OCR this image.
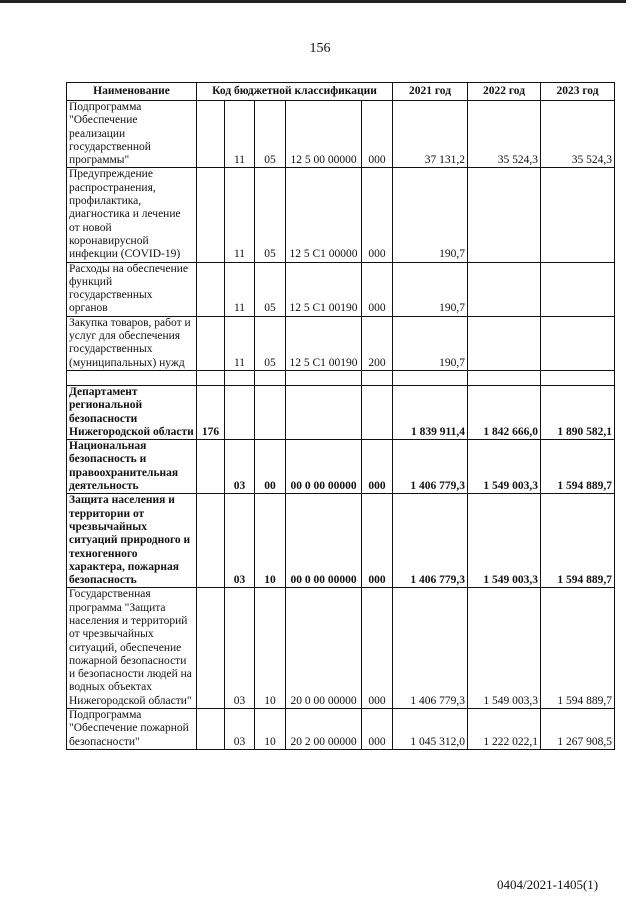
156
Наименование	Код бюджетной классификации					2021 год	2022 год	2023 год
Подпрограмма "Обеспечение реализации государственной программы"		11	05	12 5 00 00000	000	37 131,2	35 524,3	35 524,3
Предупреждение распространения, профилактика, диагностика и лечение от новой коронавирусной инфекции (COVID-19)		11	05	12 5 C1 00000	000	190,7		
Расходы на обеспечение функций государственных органов		11	05	12 5 C1 00190	000	190,7		
Закупка товаров, работ и услуг для обеспечения государственных (муниципальных) нужд		11	05	12 5 C1 00190	200	190,7		

Департамент региональной безопасности Нижегородской области	176					1 839 911,4	1 842 666,0	1 890 582,1
Национальная безопасность и правоохранительная деятельность		03	00	00 0 00 00000	000	1 406 779,3	1 549 003,3	1 594 889,7
Защита населения и территории от чрезвычайных ситуаций природного и техногенного характера, пожарная безопасность		03	10	00 0 00 00000	000	1 406 779,3	1 549 003,3	1 594 889,7
Государственная программа "Защита населения и территорий от чрезвычайных ситуаций, обеспечение пожарной безопасности и безопасности людей на водных объектах Нижегородской области"		03	10	20 0 00 00000	000	1 406 779,3	1 549 003,3	1 594 889,7
Подпрограмма "Обеспечение пожарной безопасности"		03	10	20 2 00 00000	000	1 045 312,0	1 222 022,1	1 267 908,5
0404/2021-1405(1)
